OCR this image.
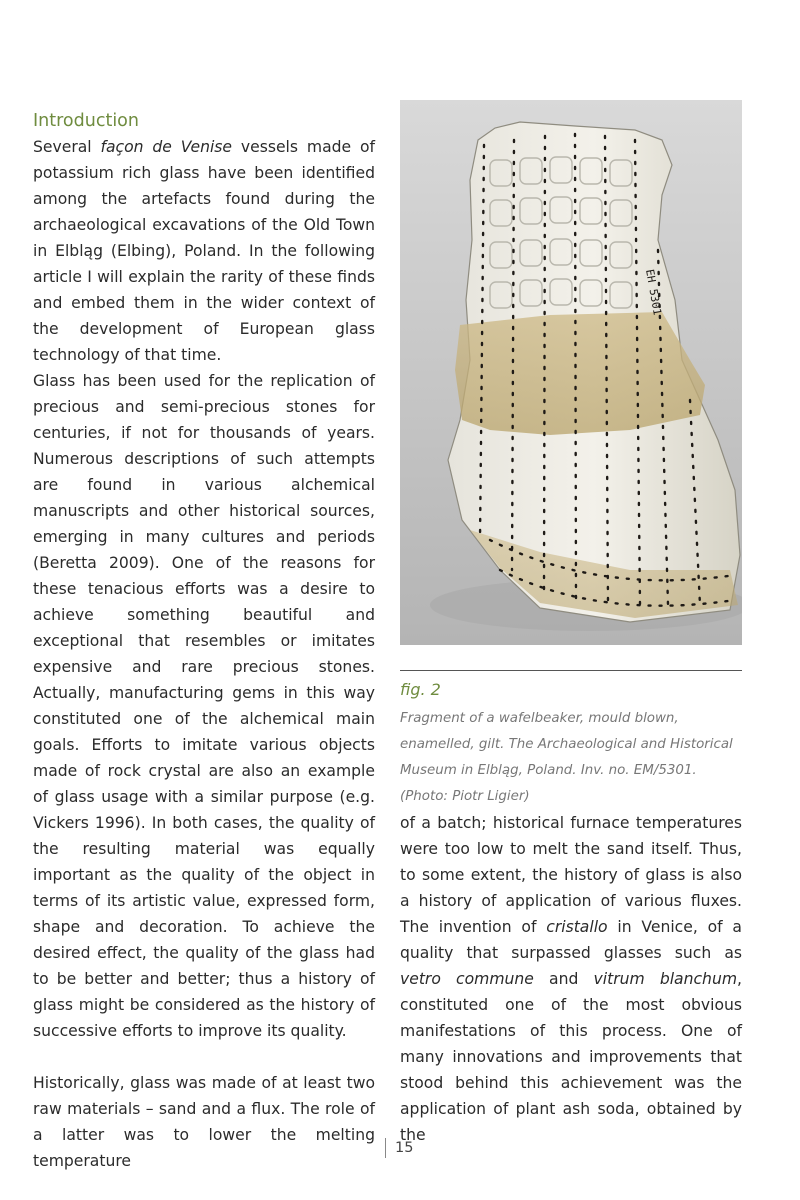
Introduction

Several façon de Venise vessels made of potassium rich glass have been identified among the artefacts found during the archaeological excavations of the Old Town in Elbląg (Elbing), Poland. In the following article I will explain the rarity of these finds and embed them in the wider context of the development of European glass technology of that time.

Glass has been used for the replication of precious and semi-precious stones for centuries, if not for thousands of years. Numerous descriptions of such attempts are found in various alchemical manuscripts and other historical sources, emerging in many cultures and periods (Beretta 2009). One of the reasons for these tenacious efforts was a desire to achieve something beautiful and exceptional that resembles or imitates expensive and rare precious stones. Actually, manufacturing gems in this way constituted one of the alchemical main goals. Efforts to imitate various objects made of rock crystal are also an example of glass usage with a similar purpose (e.g. Vickers 1996). In both cases, the quality of the resulting material was equally important as the quality of the object in terms of its artistic value, expressed form, shape and decoration. To achieve the desired effect, the quality of the glass had to be better and better; thus a history of glass might be considered as the history of successive efforts to improve its quality.

Historically, glass was made of at least two raw materials – sand and a flux. The role of a latter was to lower the melting temperature

EH 5301
fig. 2
Fragment of a wafelbeaker, mould blown, enamelled, gilt. The Archaeological and Historical Museum in Elbląg, Poland. Inv. no. EM/5301. (Photo: Piotr Ligier)

of a batch; historical furnace temperatures were too low to melt the sand itself. Thus, to some extent, the history of glass is also a history of application of various fluxes. The invention of cristallo in Venice, of a quality that surpassed glasses such as vetro commune and vitrum blanchum, constituted one of the most obvious manifestations of this process. One of many innovations and improvements that stood behind this achievement was the application of plant ash soda, obtained by the

15
